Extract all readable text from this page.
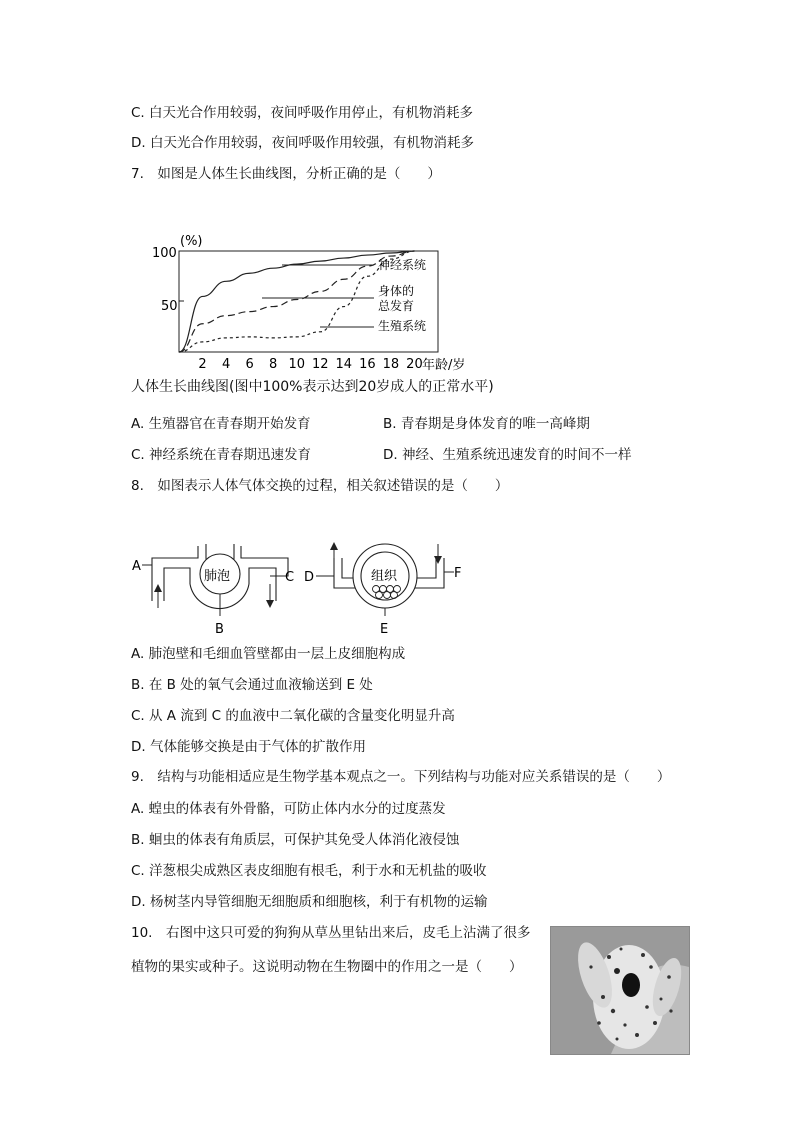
C. 白天光合作用较弱，夜间呼吸作用停止，有机物消耗多
D. 白天光合作用较弱，夜间呼吸作用较强，有机物消耗多
7.　如图是人体生长曲线图，分析正确的是（　　）
(%)
100
50
2 4 6 8 10 12 14 16 18 20 年龄/岁
神经系统
身体的
总发育
生殖系统
人体生长曲线图(图中100%表示达到20岁成人的正常水平)
A. 生殖器官在青春期开始发育	B. 青春期是身体发育的唯一高峰期
C. 神经系统在青春期迅速发育	D. 神经、生殖系统迅速发育的时间不一样
8.　如图表示人体气体交换的过程，相关叙述错误的是（　　）
A
肺泡
B
C D	组织	F
E
A. 肺泡壁和毛细血管壁都由一层上皮细胞构成
B. 在 B 处的氧气会通过血液输送到 E 处
C. 从 A 流到 C 的血液中二氧化碳的含量变化明显升高
D. 气体能够交换是由于气体的扩散作用
9.　结构与功能相适应是生物学基本观点之一。下列结构与功能对应关系错误的是（　　）
A. 蝗虫的体表有外骨骼，可防止体内水分的过度蒸发
B. 蛔虫的体表有角质层，可保护其免受人体消化液侵蚀
C. 洋葱根尖成熟区表皮细胞有根毛，利于水和无机盐的吸收
D. 杨树茎内导管细胞无细胞质和细胞核，利于有机物的运输
10.　右图中这只可爱的狗狗从草丛里钻出来后，皮毛上沾满了很多
植物的果实或种子。这说明动物在生物圈中的作用之一是（　　）
